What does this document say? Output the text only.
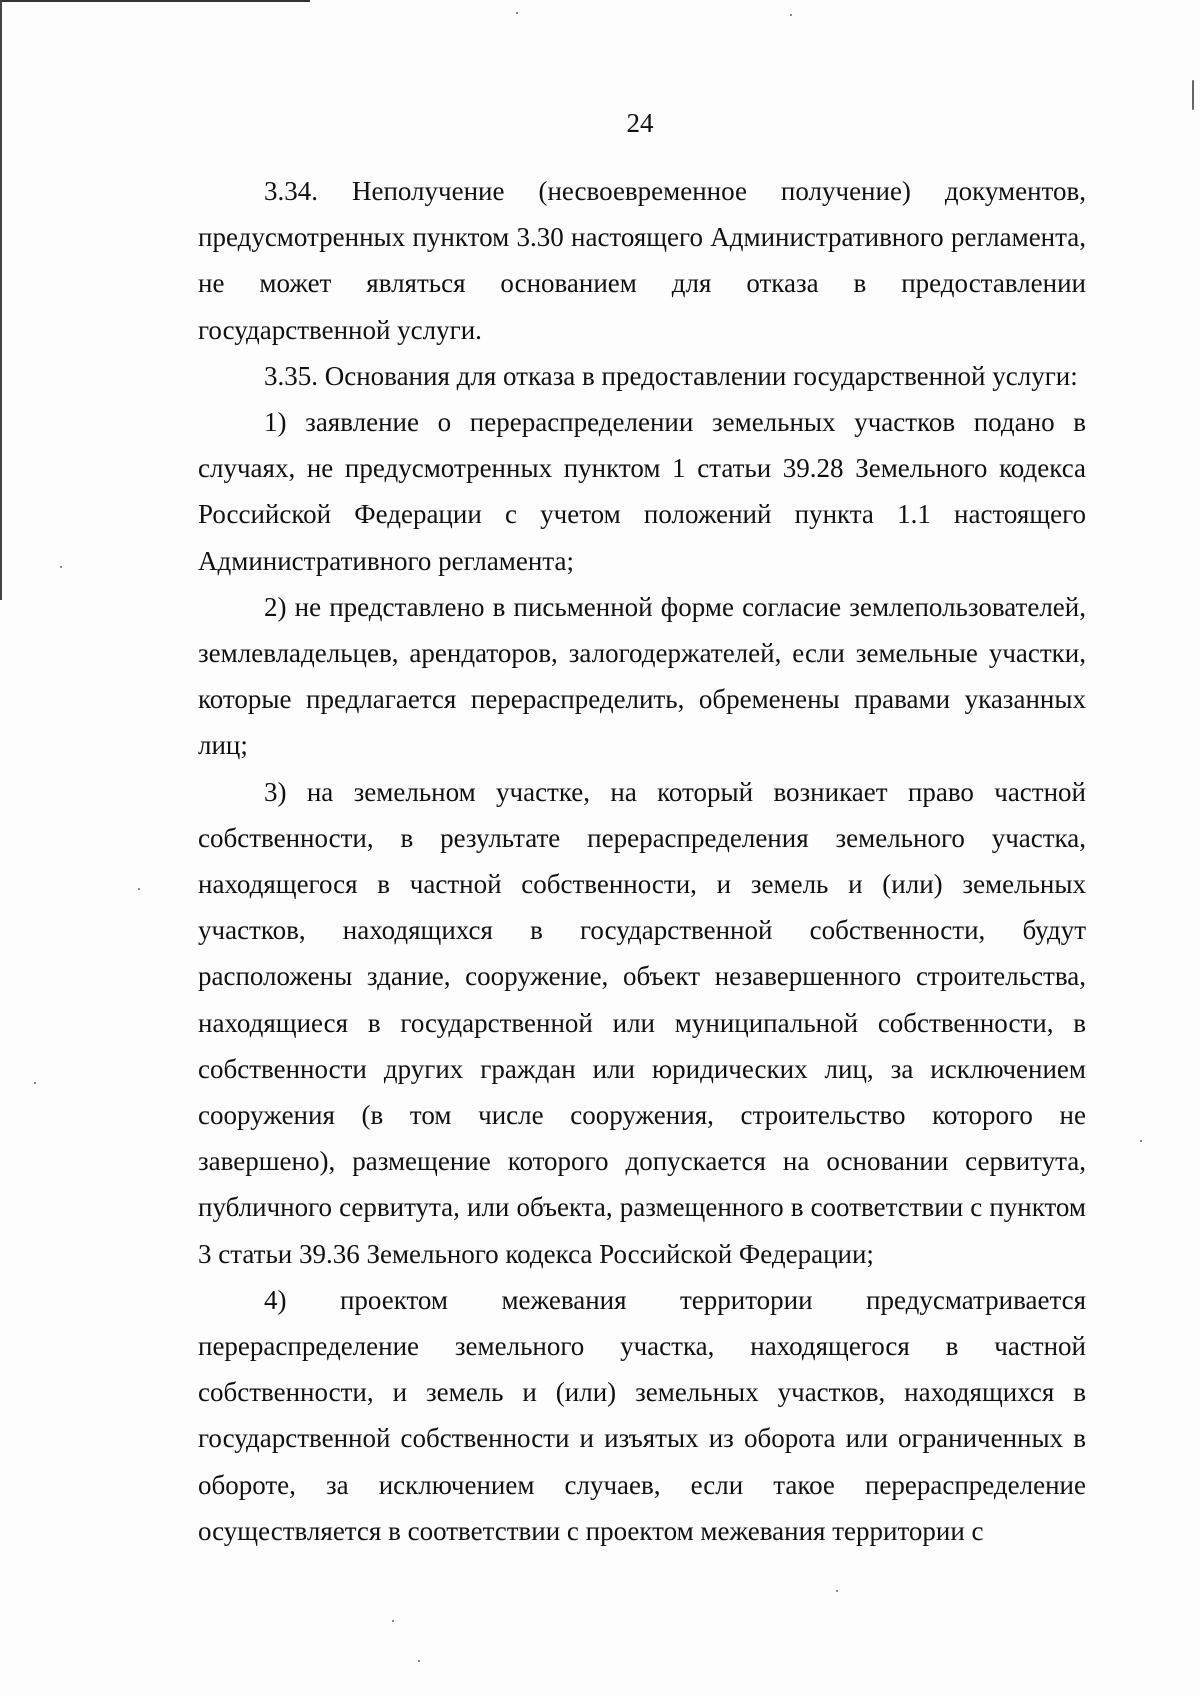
24

3.34. Неполучение (несвоевременное получение) документов, предусмотренных пунктом 3.30 настоящего Административного регламента, не может являться основанием для отказа в предоставлении государственной услуги.

3.35. Основания для отказа в предоставлении государственной услуги:

1) заявление о перераспределении земельных участков подано в случаях, не предусмотренных пунктом 1 статьи 39.28 Земельного кодекса Российской Федерации с учетом положений пункта 1.1 настоящего Административного регламента;

2) не представлено в письменной форме согласие землепользователей, землевладельцев, арендаторов, залогодержателей, если земельные участки, которые предлагается перераспределить, обременены правами указанных лиц;

3) на земельном участке, на который возникает право частной собственности, в результате перераспределения земельного участка, находящегося в частной собственности, и земель и (или) земельных участков, находящихся в государственной собственности, будут расположены здание, сооружение, объект незавершенного строительства, находящиеся в государственной или муниципальной собственности, в собственности других граждан или юридических лиц, за исключением сооружения (в том числе сооружения, строительство которого не завершено), размещение которого допускается на основании сервитута, публичного сервитута, или объекта, размещенного в соответствии с пунктом 3 статьи 39.36 Земельного кодекса Российской Федерации;

4) проектом межевания территории предусматривается перераспределение земельного участка, находящегося в частной собственности, и земель и (или) земельных участков, находящихся в государственной собственности и изъятых из оборота или ограниченных в обороте, за исключением случаев, если такое перераспределение осуществляется в соответствии с проектом межевания территории с
